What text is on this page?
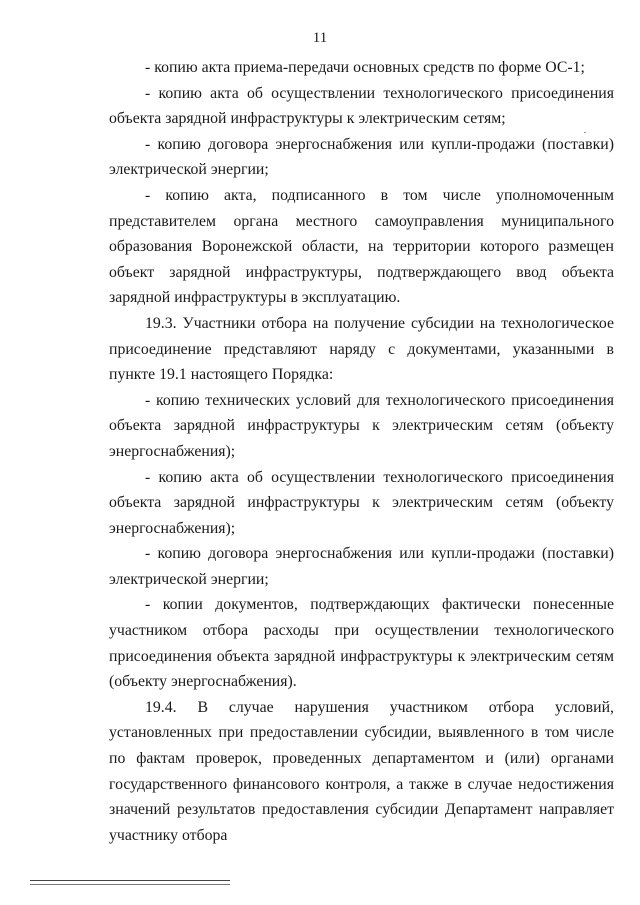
11

- копию акта приема-передачи основных средств по форме ОС-1;

- копию акта об осуществлении технологического присоединения объекта зарядной инфраструктуры к электрическим сетям;

- копию договора энергоснабжения или купли-продажи (поставки) электрической энергии;

- копию акта, подписанного в том числе уполномоченным представителем органа местного самоуправления муниципального образования Воронежской области, на территории которого размещен объект зарядной инфраструктуры, подтверждающего ввод объекта зарядной инфраструктуры в эксплуатацию.

19.3. Участники отбора на получение субсидии на технологическое присоединение представляют наряду с документами, указанными в пункте 19.1 настоящего Порядка:

- копию технических условий для технологического присоединения объекта зарядной инфраструктуры к электрическим сетям (объекту энергоснабжения);

- копию акта об осуществлении технологического присоединения объекта зарядной инфраструктуры к электрическим сетям (объекту энергоснабжения);

- копию договора энергоснабжения или купли-продажи (поставки) электрической энергии;

- копии документов, подтверждающих фактически понесенные участником отбора расходы при осуществлении технологического присоединения объекта зарядной инфраструктуры к электрическим сетям (объекту энергоснабжения).

19.4. В случае нарушения участником отбора условий, установленных при предоставлении субсидии, выявленного в том числе по фактам проверок, проведенных департаментом и (или) органами государственного финансового контроля, а также в случае недостижения значений результатов предоставления субсидии Департамент направляет участнику отбора
